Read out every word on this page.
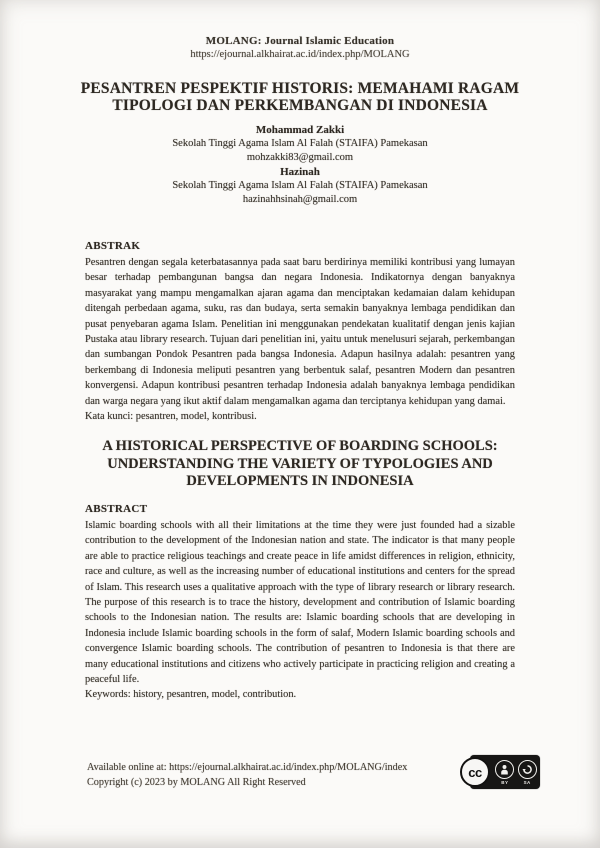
MOLANG: Journal Islamic Education
https://ejournal.alkhairat.ac.id/index.php/MOLANG
PESANTREN PESPEKTIF HISTORIS: MEMAHAMI RAGAM
TIPOLOGI DAN PERKEMBANGAN DI INDONESIA
Mohammad Zakki
Sekolah Tinggi Agama Islam Al Falah (STAIFA) Pamekasan
mohzakki83@gmail.com
Hazinah
Sekolah Tinggi Agama Islam Al Falah (STAIFA) Pamekasan
hazinahhsinah@gmail.com
ABSTRAK

Pesantren dengan segala keterbatasannya pada saat baru berdirinya memiliki kontribusi yang lumayan besar terhadap pembangunan bangsa dan negara Indonesia. Indikatornya dengan banyaknya masyarakat yang mampu mengamalkan ajaran agama dan menciptakan kedamaian dalam kehidupan ditengah perbedaan agama, suku, ras dan budaya, serta semakin banyaknya lembaga pendidikan dan pusat penyebaran agama Islam. Penelitian ini menggunakan pendekatan kualitatif dengan jenis kajian Pustaka atau library research. Tujuan dari penelitian ini, yaitu untuk menelusuri sejarah, perkembangan dan sumbangan Pondok Pesantren pada bangsa Indonesia. Adapun hasilnya adalah: pesantren yang berkembang di Indonesia meliputi pesantren yang berbentuk salaf, pesantren Modern dan pesantren konvergensi. Adapun kontribusi pesantren terhadap Indonesia adalah banyaknya lembaga pendidikan dan warga negara yang ikut aktif dalam mengamalkan agama dan terciptanya kehidupan yang damai.

Kata kunci: pesantren, model, kontribusi.
A HISTORICAL PERSPECTIVE OF BOARDING SCHOOLS:
UNDERSTANDING THE VARIETY OF TYPOLOGIES AND
DEVELOPMENTS IN INDONESIA
ABSTRACT

Islamic boarding schools with all their limitations at the time they were just founded had a sizable contribution to the development of the Indonesian nation and state. The indicator is that many people are able to practice religious teachings and create peace in life amidst differences in religion, ethnicity, race and culture, as well as the increasing number of educational institutions and centers for the spread of Islam. This research uses a qualitative approach with the type of library research or library research. The purpose of this research is to trace the history, development and contribution of Islamic boarding schools to the Indonesian nation. The results are: Islamic boarding schools that are developing in Indonesia include Islamic boarding schools in the form of salaf, Modern Islamic boarding schools and convergence Islamic boarding schools. The contribution of pesantren to Indonesia is that there are many educational institutions and citizens who actively participate in practicing religion and creating a peaceful life.

Keywords: history, pesantren, model, contribution.
Available online at: https://ejournal.alkhairat.ac.id/index.php/MOLANG/index
Copyright (c) 2023 by MOLANG All Right Reserved
cc
BY	SA
